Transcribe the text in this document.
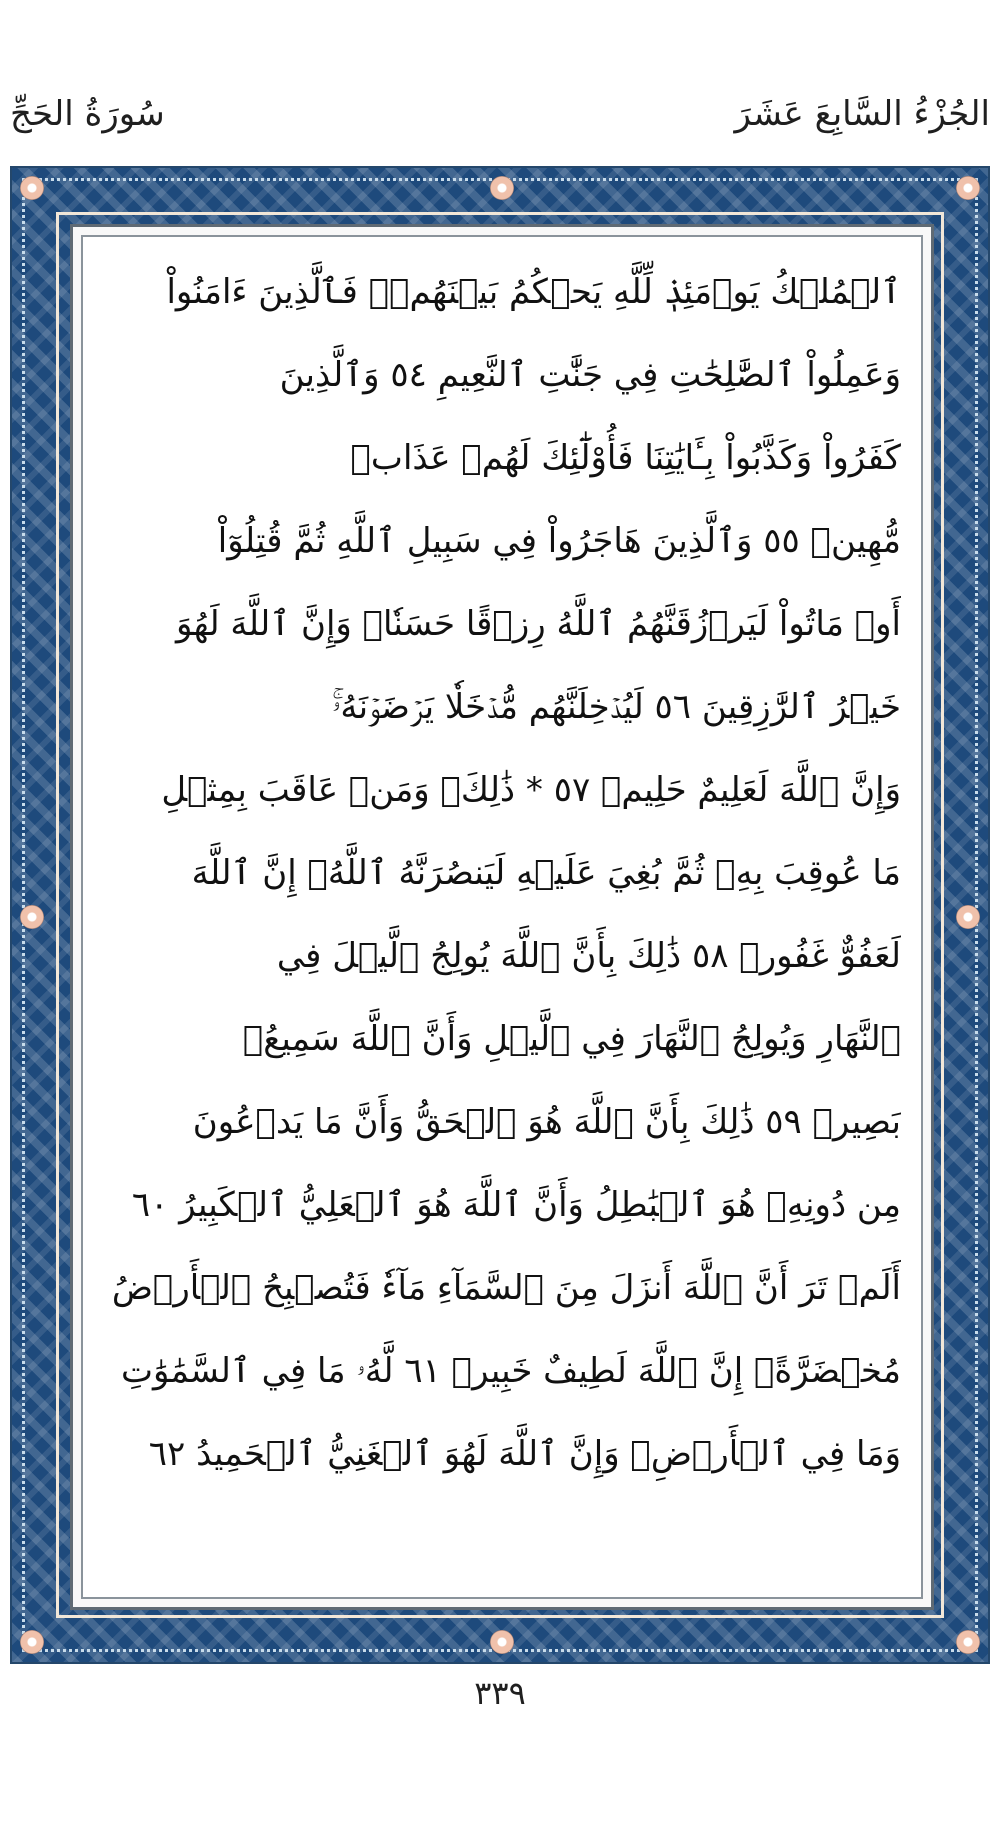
سُورَةُ الحَجِّ	الجُزْءُ السَّابِعَ عَشَرَ
ٱلۡمُلۡكُ يَوۡمَئِذٖ لِّلَّهِ يَحۡكُمُ بَيۡنَهُمۡۚ فَٱلَّذِينَ ءَامَنُواْ
وَعَمِلُواْ ٱلصَّٰلِحَٰتِ فِي جَنَّٰتِ ٱلنَّعِيمِ ٥٤ وَٱلَّذِينَ
كَفَرُواْ وَكَذَّبُواْ بِـَٔايَٰتِنَا فَأُوْلَٰٓئِكَ لَهُمۡ عَذَابٞ
مُّهِينٞ ٥٥ وَٱلَّذِينَ هَاجَرُواْ فِي سَبِيلِ ٱللَّهِ ثُمَّ قُتِلُوٓاْ
أَوۡ مَاتُواْ لَيَرۡزُقَنَّهُمُ ٱللَّهُ رِزۡقًا حَسَنٗاۚ وَإِنَّ ٱللَّهَ لَهُوَ
خَيۡرُ ٱلرَّٰزِقِينَ ٥٦ لَيُدۡخِلَنَّهُم مُّدۡخَلٗا يَرۡضَوۡنَهُۥۚ
وَإِنَّ ٱللَّهَ لَعَلِيمٌ حَلِيمٞ ٥٧ * ذَٰلِكَۖ وَمَنۡ عَاقَبَ بِمِثۡلِ
مَا عُوقِبَ بِهِۦ ثُمَّ بُغِيَ عَلَيۡهِ لَيَنصُرَنَّهُ ٱللَّهُۚ إِنَّ ٱللَّهَ
لَعَفُوٌّ غَفُورٞ ٥٨ ذَٰلِكَ بِأَنَّ ٱللَّهَ يُولِجُ ٱلَّيۡلَ فِي
ٱلنَّهَارِ وَيُولِجُ ٱلنَّهَارَ فِي ٱلَّيۡلِ وَأَنَّ ٱللَّهَ سَمِيعُۢ
بَصِيرٞ ٥٩ ذَٰلِكَ بِأَنَّ ٱللَّهَ هُوَ ٱلۡحَقُّ وَأَنَّ مَا يَدۡعُونَ
مِن دُونِهِۦ هُوَ ٱلۡبَٰطِلُ وَأَنَّ ٱللَّهَ هُوَ ٱلۡعَلِيُّ ٱلۡكَبِيرُ ٦٠
أَلَمۡ تَرَ أَنَّ ٱللَّهَ أَنزَلَ مِنَ ٱلسَّمَآءِ مَآءٗ فَتُصۡبِحُ ٱلۡأَرۡضُ
مُخۡضَرَّةًۚ إِنَّ ٱللَّهَ لَطِيفٌ خَبِيرٞ ٦١ لَّهُۥ مَا فِي ٱلسَّمَٰوَٰتِ
وَمَا فِي ٱلۡأَرۡضِۚ وَإِنَّ ٱللَّهَ لَهُوَ ٱلۡغَنِيُّ ٱلۡحَمِيدُ ٦٢
٣٣٩
